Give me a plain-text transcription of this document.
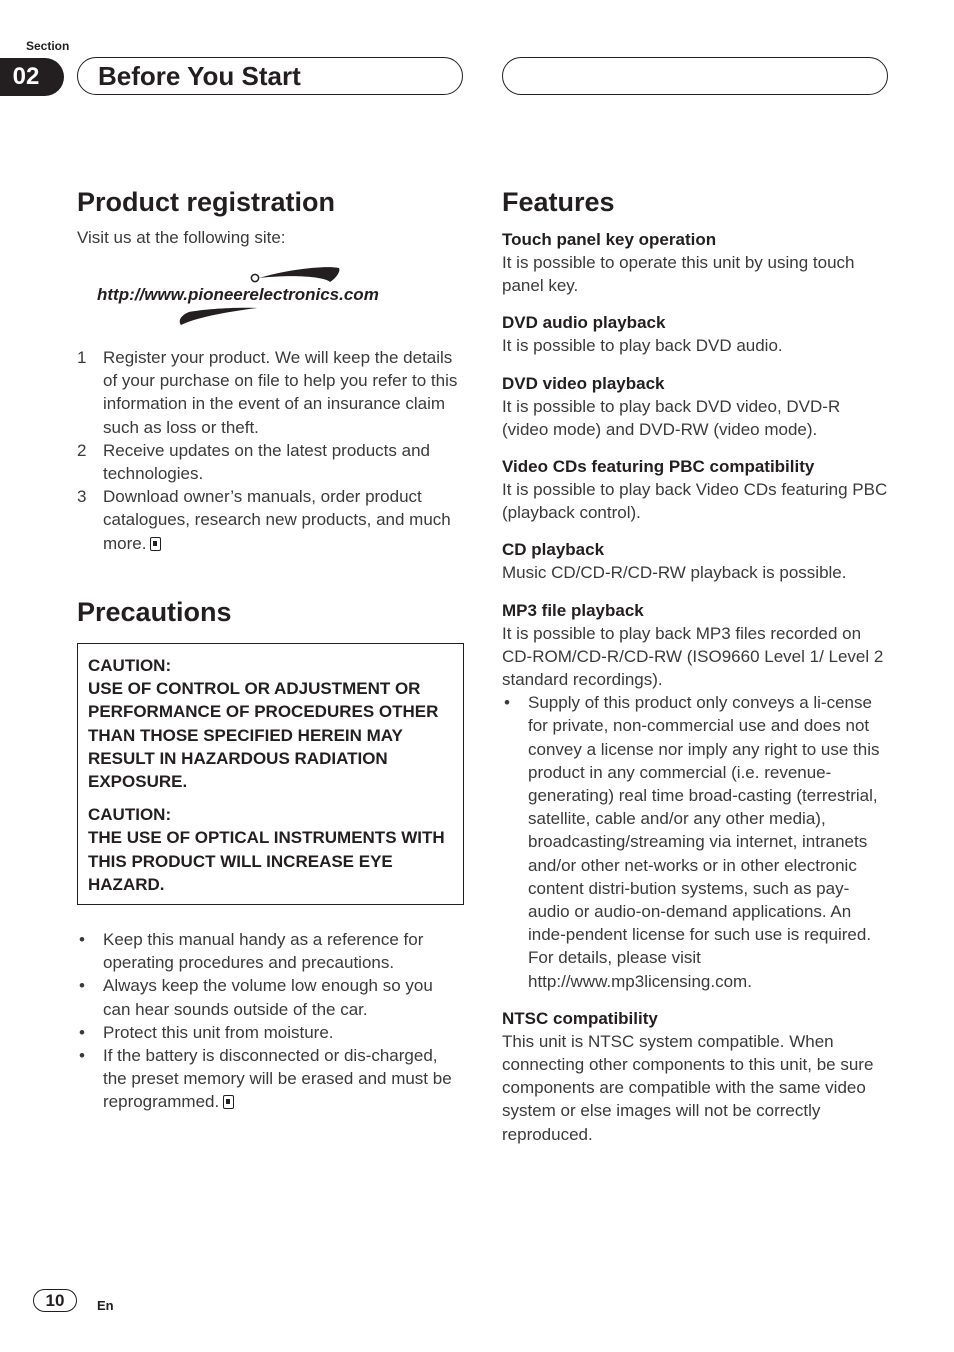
Section
02	Before You Start
Product registration
Visit us at the following site:
http://www.pioneerelectronics.com
1 Register your product. We will keep the details of your purchase on file to help you refer to this information in the event of an insurance claim such as loss or theft.
2 Receive updates on the latest products and technologies.
3 Download owner’s manuals, order product catalogues, research new products, and much more.
Precautions

CAUTION:
USE OF CONTROL OR ADJUSTMENT OR PERFORMANCE OF PROCEDURES OTHER THAN THOSE SPECIFIED HEREIN MAY RESULT IN HAZARDOUS RADIATION EXPOSURE.

CAUTION:
THE USE OF OPTICAL INSTRUMENTS WITH THIS PRODUCT WILL INCREASE EYE HAZARD.

• Keep this manual handy as a reference for operating procedures and precautions.
• Always keep the volume low enough so you can hear sounds outside of the car.
• Protect this unit from moisture.
• If the battery is disconnected or dis-charged, the preset memory will be erased and must be reprogrammed.
Features
Touch panel key operation
It is possible to operate this unit by using touch panel key.
DVD audio playback
It is possible to play back DVD audio.
DVD video playback
It is possible to play back DVD video, DVD-R (video mode) and DVD-RW (video mode).
Video CDs featuring PBC compatibility
It is possible to play back Video CDs featuring PBC (playback control).
CD playback
Music CD/CD-R/CD-RW playback is possible.
MP3 file playback
It is possible to play back MP3 files recorded on CD-ROM/CD-R/CD-RW (ISO9660 Level 1/ Level 2 standard recordings).
• Supply of this product only conveys a li-cense for private, non-commercial use and does not convey a license nor imply any right to use this product in any commercial (i.e. revenue-generating) real time broad-casting (terrestrial, satellite, cable and/or any other media), broadcasting/streaming via internet, intranets and/or other net-works or in other electronic content distri-bution systems, such as pay-audio or audio-on-demand applications. An inde-pendent license for such use is required. For details, please visit http://www.mp3licensing.com.
NTSC compatibility
This unit is NTSC system compatible. When connecting other components to this unit, be sure components are compatible with the same video system or else images will not be correctly reproduced.
10	En
